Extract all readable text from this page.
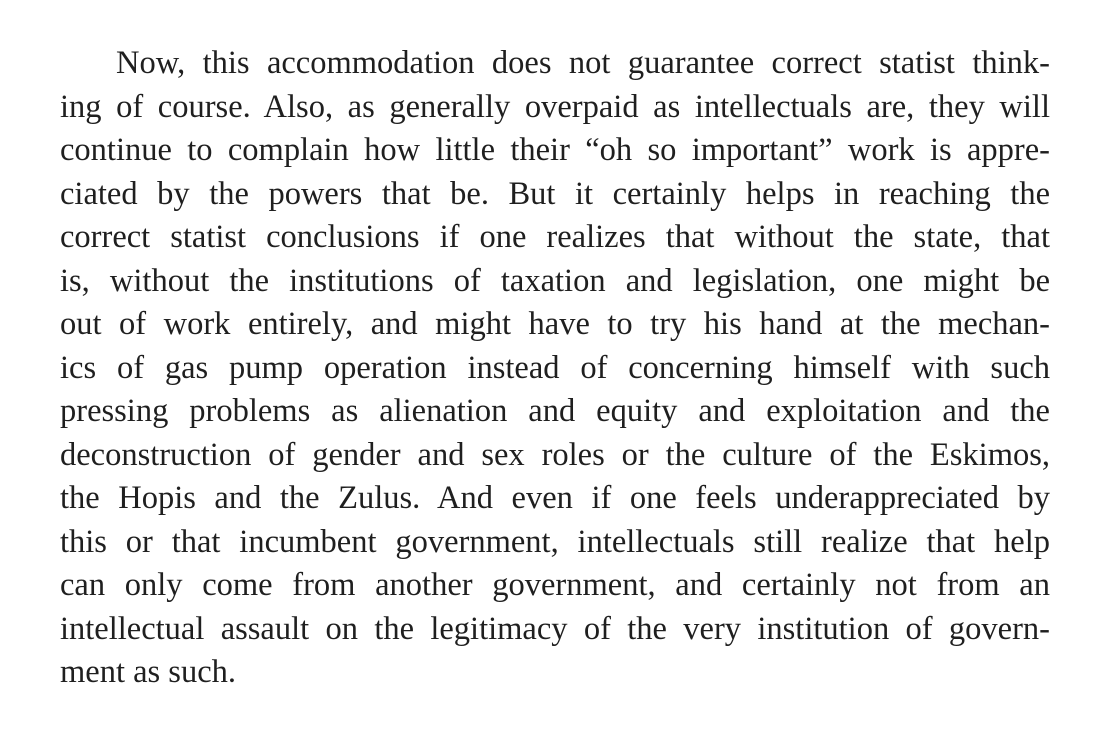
Now, this accommodation does not guarantee correct statist think-
ing of course. Also, as generally overpaid as intellectuals are, they will
continue to complain how little their “oh so important” work is appre-
ciated by the powers that be. But it certainly helps in reaching the
correct statist conclusions if one realizes that without the state, that
is, without the institutions of taxation and legislation, one might be
out of work entirely, and might have to try his hand at the mechan-
ics of gas pump operation instead of concerning himself with such
pressing problems as alienation and equity and exploitation and the
deconstruction of gender and sex roles or the culture of the Eskimos,
the Hopis and the Zulus. And even if one feels underappreciated by
this or that incumbent government, intellectuals still realize that help
can only come from another government, and certainly not from an
intellectual assault on the legitimacy of the very institution of govern-
ment as such.
